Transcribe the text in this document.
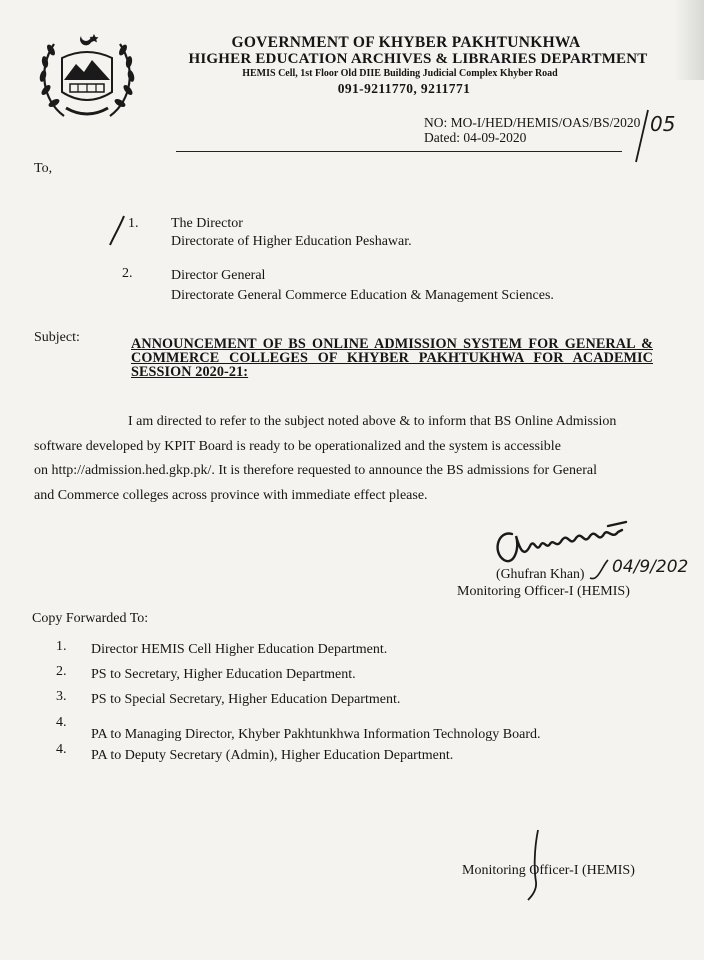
GOVERNMENT OF KHYBER PAKHTUNKHWA
HIGHER EDUCATION ARCHIVES & LIBRARIES DEPARTMENT
HEMIS Cell, 1st Floor Old DIIE Building Judicial Complex Khyber Road
091-9211770, 9211771
NO: MO-I/HED/HEMIS/OAS/BS/2020 05
Dated: 04-09-2020
To,
1. The Director
Directorate of Higher Education Peshawar.
2.	Director General
Directorate General Commerce Education & Management Sciences.
Subject:	ANNOUNCEMENT OF BS ONLINE ADMISSION SYSTEM FOR GENERAL & COMMERCE COLLEGES OF KHYBER PAKHTUKHWA FOR ACADEMIC SESSION 2020-21:
I am directed to refer to the subject noted above & to inform that BS Online Admission
software developed by KPIT Board is ready to be operationalized and the system is accessible
on http://admission.hed.gkp.pk/. It is therefore requested to announce the BS admissions for General
and Commerce colleges across province with immediate effect please.
(Ghufran Khan) 04/9/202
Monitoring Officer-I (HEMIS)
Copy Forwarded To:
1. Director HEMIS Cell Higher Education Department.
2. PS to Secretary, Higher Education Department.
3. PS to Special Secretary, Higher Education Department.
4.
PA to Managing Director, Khyber Pakhtunkhwa Information Technology Board.
4. PA to Deputy Secretary (Admin), Higher Education Department.
Monitoring Officer-I (HEMIS)
